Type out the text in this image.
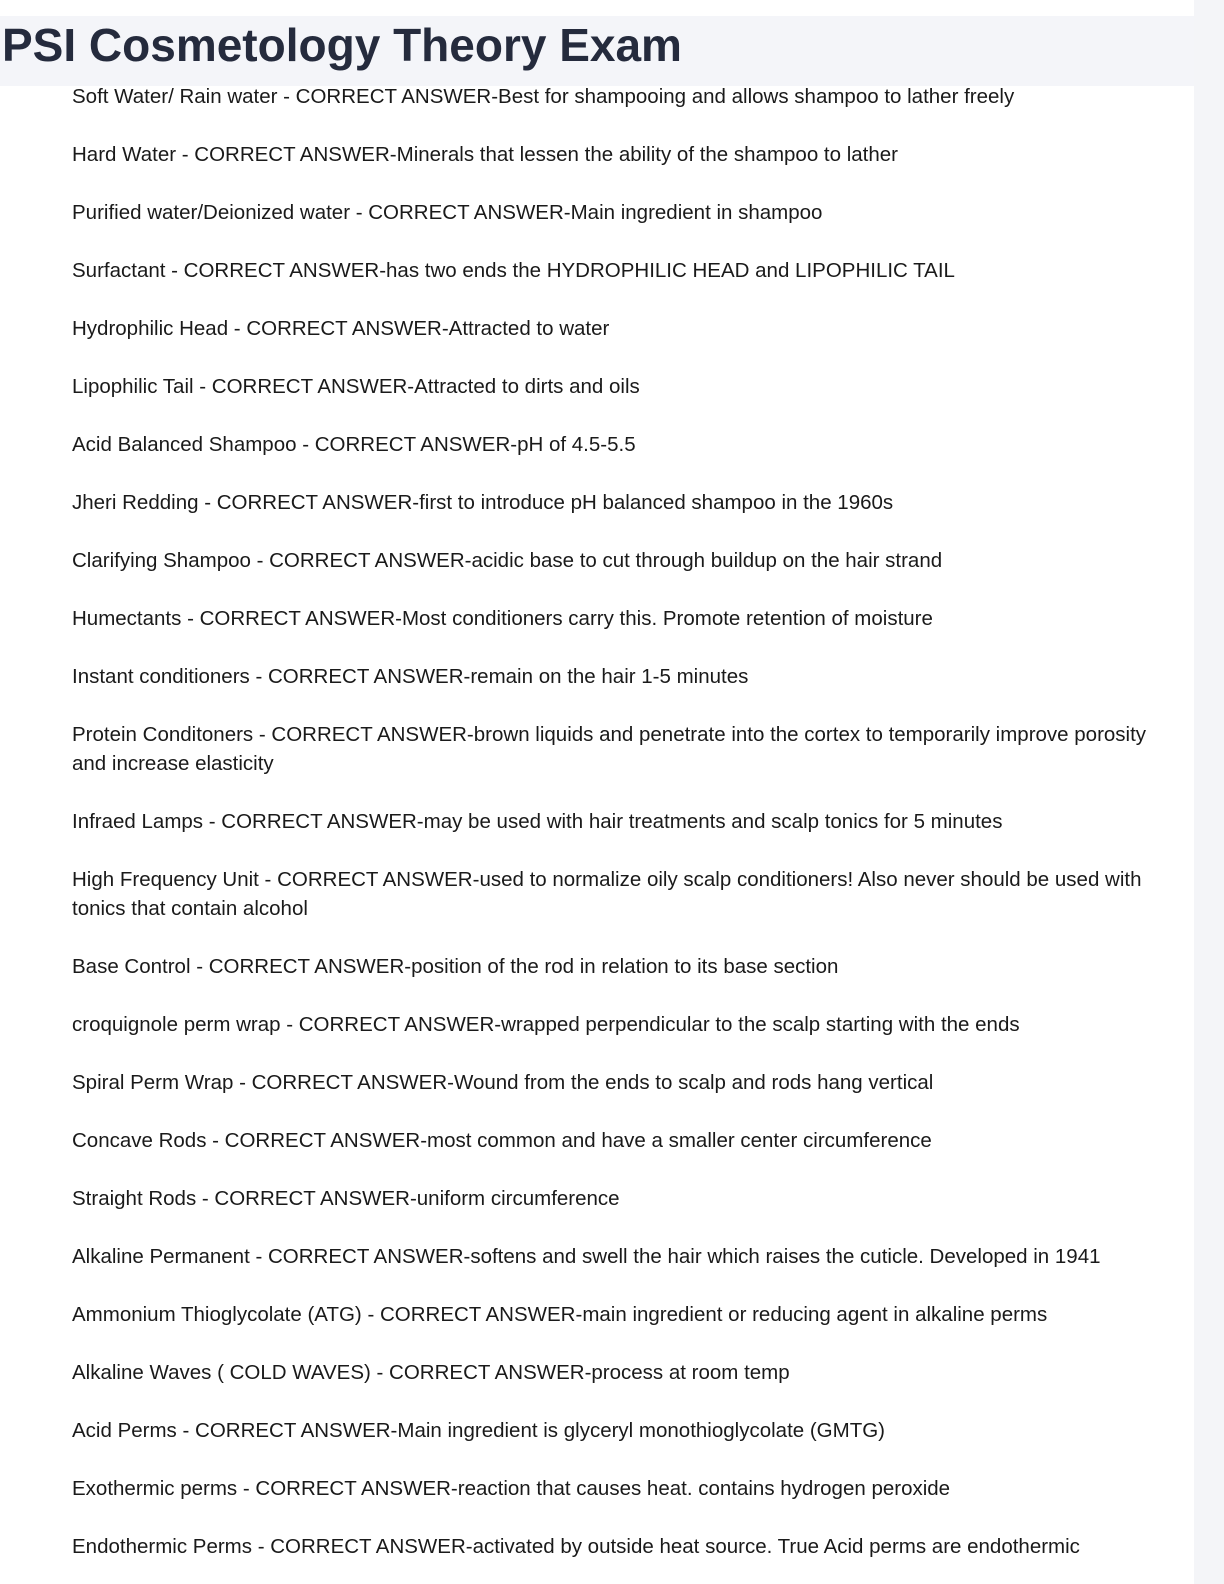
PSI Cosmetology Theory Exam
Soft Water/ Rain water - CORRECT ANSWER-Best for shampooing and allows shampoo to lather freely
Hard Water - CORRECT ANSWER-Minerals that lessen the ability of the shampoo to lather
Purified water/Deionized water - CORRECT ANSWER-Main ingredient in shampoo
Surfactant - CORRECT ANSWER-has two ends the HYDROPHILIC HEAD and LIPOPHILIC TAIL
Hydrophilic Head - CORRECT ANSWER-Attracted to water
Lipophilic Tail - CORRECT ANSWER-Attracted to dirts and oils
Acid Balanced Shampoo - CORRECT ANSWER-pH of 4.5-5.5
Jheri Redding - CORRECT ANSWER-first to introduce pH balanced shampoo in the 1960s
Clarifying Shampoo - CORRECT ANSWER-acidic base to cut through buildup on the hair strand
Humectants - CORRECT ANSWER-Most conditioners carry this. Promote retention of moisture
Instant conditioners - CORRECT ANSWER-remain on the hair 1-5 minutes
Protein Conditoners - CORRECT ANSWER-brown liquids and penetrate into the cortex to temporarily improve porosity and increase elasticity
Infraed Lamps - CORRECT ANSWER-may be used with hair treatments and scalp tonics for 5 minutes
High Frequency Unit - CORRECT ANSWER-used to normalize oily scalp conditioners! Also never should be used with tonics that contain alcohol
Base Control - CORRECT ANSWER-position of the rod in relation to its base section
croquignole perm wrap - CORRECT ANSWER-wrapped perpendicular to the scalp starting with the ends
Spiral Perm Wrap - CORRECT ANSWER-Wound from the ends to scalp and rods hang vertical
Concave Rods - CORRECT ANSWER-most common and have a smaller center circumference
Straight Rods - CORRECT ANSWER-uniform circumference
Alkaline Permanent - CORRECT ANSWER-softens and swell the hair which raises the cuticle. Developed in 1941
Ammonium Thioglycolate (ATG) - CORRECT ANSWER-main ingredient or reducing agent in alkaline perms
Alkaline Waves ( COLD WAVES) - CORRECT ANSWER-process at room temp
Acid Perms - CORRECT ANSWER-Main ingredient is glyceryl monothioglycolate (GMTG)
Exothermic perms - CORRECT ANSWER-reaction that causes heat. contains hydrogen peroxide
Endothermic Perms - CORRECT ANSWER-activated by outside heat source. True Acid perms are endothermic
